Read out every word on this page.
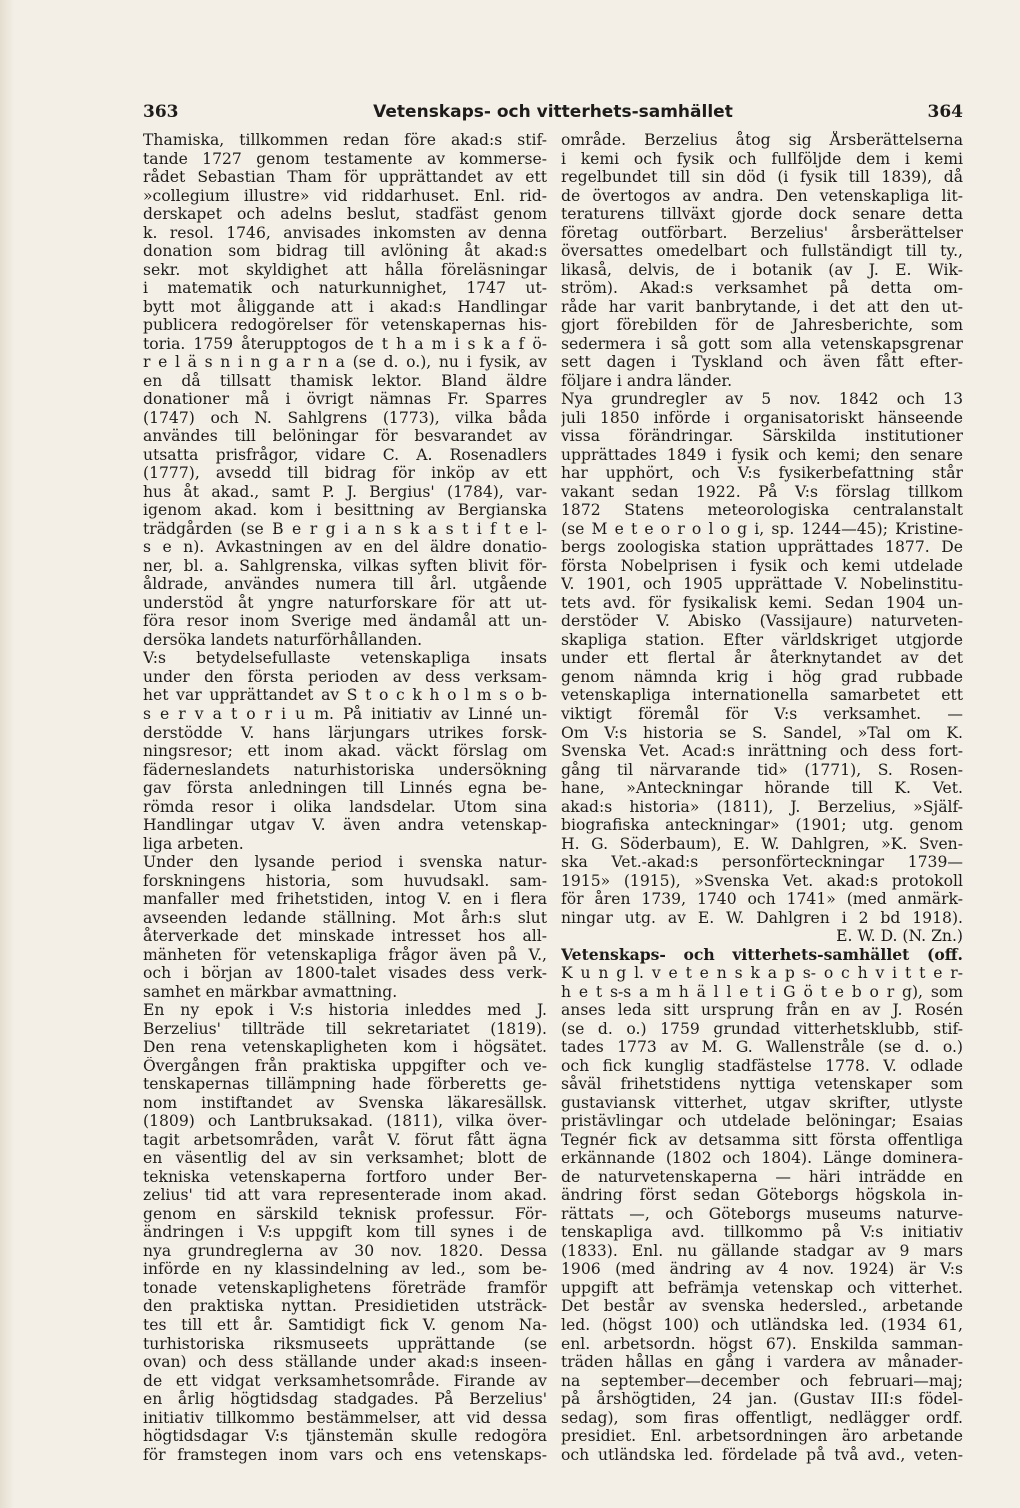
363	Vetenskaps- och vitterhets-samhället	364
Thamiska, tillkommen redan före akad:s stif-
tande 1727 genom testamente av kommerse-
rådet Sebastian Tham för upprättandet av ett
»collegium illustre» vid riddarhuset. Enl. rid-
derskapet och adelns beslut, stadfäst genom
k. resol. 1746, anvisades inkomsten av denna
donation som bidrag till avlöning åt akad:s
sekr. mot skyldighet att hålla föreläsningar
i matematik och naturkunnighet, 1747 ut-
bytt mot åliggande att i akad:s Handlingar
publicera redogörelser för vetenskapernas his-
toria. 1759 återupptogos de t h a m i s k a f ö-
r e l ä s n i n g a r n a (se d. o.), nu i fysik, av
en då tillsatt thamisk lektor. Bland äldre
donationer må i övrigt nämnas Fr. Sparres
(1747) och N. Sahlgrens (1773), vilka båda
användes till belöningar för besvarandet av
utsatta prisfrågor, vidare C. A. Rosenadlers
(1777), avsedd till bidrag för inköp av ett
hus åt akad., samt P. J. Bergius' (1784), var-
igenom akad. kom i besittning av Bergianska
trädgården (se B e r g i a n s k a s t i f t e l-
s e n). Avkastningen av en del äldre donatio-
ner, bl. a. Sahlgrenska, vilkas syften blivit för-
åldrade, användes numera till årl. utgående
understöd åt yngre naturforskare för att ut-
föra resor inom Sverige med ändamål att un-
dersöka landets naturförhållanden.
V:s betydelsefullaste vetenskapliga insats
under den första perioden av dess verksam-
het var upprättandet av S t o c k h o l m s o b-
s e r v a t o r i u m. På initiativ av Linné un-
derstödde V. hans lärjungars utrikes forsk-
ningsresor; ett inom akad. väckt förslag om
fäderneslandets naturhistoriska undersökning
gav första anledningen till Linnés egna be-
römda resor i olika landsdelar. Utom sina
Handlingar utgav V. även andra vetenskap-
liga arbeten.
Under den lysande period i svenska natur-
forskningens historia, som huvudsakl. sam-
manfaller med frihetstiden, intog V. en i flera
avseenden ledande ställning. Mot årh:s slut
återverkade det minskade intresset hos all-
mänheten för vetenskapliga frågor även på V.,
och i början av 1800-talet visades dess verk-
samhet en märkbar avmattning.
En ny epok i V:s historia inleddes med J.
Berzelius' tillträde till sekretariatet (1819).
Den rena vetenskapligheten kom i högsätet.
Övergången från praktiska uppgifter och ve-
tenskapernas tillämpning hade förberetts ge-
nom instiftandet av Svenska läkaresällsk.
(1809) och Lantbruksakad. (1811), vilka över-
tagit arbetsområden, varåt V. förut fått ägna
en väsentlig del av sin verksamhet; blott de
tekniska vetenskaperna fortforo under Ber-
zelius' tid att vara representerade inom akad.
genom en särskild teknisk professur. För-
ändringen i V:s uppgift kom till synes i de
nya grundreglerna av 30 nov. 1820. Dessa
införde en ny klassindelning av led., som be-
tonade vetenskaplighetens företräde framför
den praktiska nyttan. Presidietiden utsträck-
tes till ett år. Samtidigt fick V. genom Na-
turhistoriska riksmuseets upprättande (se
ovan) och dess ställande under akad:s inseen-
de ett vidgat verksamhetsområde. Firande av
en årlig högtidsdag stadgades. På Berzelius'
initiativ tillkommo bestämmelser, att vid dessa
högtidsdagar V:s tjänstemän skulle redogöra
för framstegen inom vars och ens vetenskaps-
område. Berzelius åtog sig Årsberättelserna
i kemi och fysik och fullföljde dem i kemi
regelbundet till sin död (i fysik till 1839), då
de övertogos av andra. Den vetenskapliga lit-
teraturens tillväxt gjorde dock senare detta
företag outförbart. Berzelius' årsberättelser
översattes omedelbart och fullständigt till ty.,
likaså, delvis, de i botanik (av J. E. Wik-
ström). Akad:s verksamhet på detta om-
råde har varit banbrytande, i det att den ut-
gjort förebilden för de Jahresberichte, som
sedermera i så gott som alla vetenskapsgrenar
sett dagen i Tyskland och även fått efter-
följare i andra länder.
Nya grundregler av 5 nov. 1842 och 13
juli 1850 införde i organisatoriskt hänseende
vissa förändringar. Särskilda institutioner
upprättades 1849 i fysik och kemi; den senare
har upphört, och V:s fysikerbefattning står
vakant sedan 1922. På V:s förslag tillkom
1872 Statens meteorologiska centralanstalt
(se M e t e o r o l o g i, sp. 1244—45); Kristine-
bergs zoologiska station upprättades 1877. De
första Nobelprisen i fysik och kemi utdelade
V. 1901, och 1905 upprättade V. Nobelinstitu-
tets avd. för fysikalisk kemi. Sedan 1904 un-
derstöder V. Abisko (Vassijaure) naturveten-
skapliga station. Efter världskriget utgjorde
under ett flertal år återknytandet av det
genom nämnda krig i hög grad rubbade
vetenskapliga internationella samarbetet ett
viktigt föremål för V:s verksamhet. —
Om V:s historia se S. Sandel, »Tal om K.
Svenska Vet. Acad:s inrättning och dess fort-
gång til närvarande tid» (1771), S. Rosen-
hane, »Anteckningar hörande till K. Vet.
akad:s historia» (1811), J. Berzelius, »Själf-
biografiska anteckningar» (1901; utg. genom
H. G. Söderbaum), E. W. Dahlgren, »K. Sven-
ska Vet.-akad:s personförteckningar 1739—
1915» (1915), »Svenska Vet. akad:s protokoll
för åren 1739, 1740 och 1741» (med anmärk-
ningar utg. av E. W. Dahlgren i 2 bd 1918).
E. W. D. (N. Zn.)
Vetenskaps- och vitterhets-samhället (off.
K u n g l. v e t e n s k a p s- o c h v i t t e r-
h e t s-s a m h ä l l e t i G ö t e b o r g), som
anses leda sitt ursprung från en av J. Rosén
(se d. o.) 1759 grundad vitterhetsklubb, stif-
tades 1773 av M. G. Wallenstråle (se d. o.)
och fick kunglig stadfästelse 1778. V. odlade
såväl frihetstidens nyttiga vetenskaper som
gustaviansk vitterhet, utgav skrifter, utlyste
pristävlingar och utdelade belöningar; Esaias
Tegnér fick av detsamma sitt första offentliga
erkännande (1802 och 1804). Länge dominera-
de naturvetenskaperna — häri inträdde en
ändring först sedan Göteborgs högskola in-
rättats —, och Göteborgs museums naturve-
tenskapliga avd. tillkommo på V:s initiativ
(1833). Enl. nu gällande stadgar av 9 mars
1906 (med ändring av 4 nov. 1924) är V:s
uppgift att befrämja vetenskap och vitterhet.
Det består av svenska hedersled., arbetande
led. (högst 100) och utländska led. (1934 61,
enl. arbetsordn. högst 67). Enskilda samman-
träden hållas en gång i vardera av månader-
na september—december och februari—maj;
på årshögtiden, 24 jan. (Gustav III:s födel-
sedag), som firas offentligt, nedlägger ordf.
presidiet. Enl. arbetsordningen äro arbetande
och utländska led. fördelade på två avd., veten-
